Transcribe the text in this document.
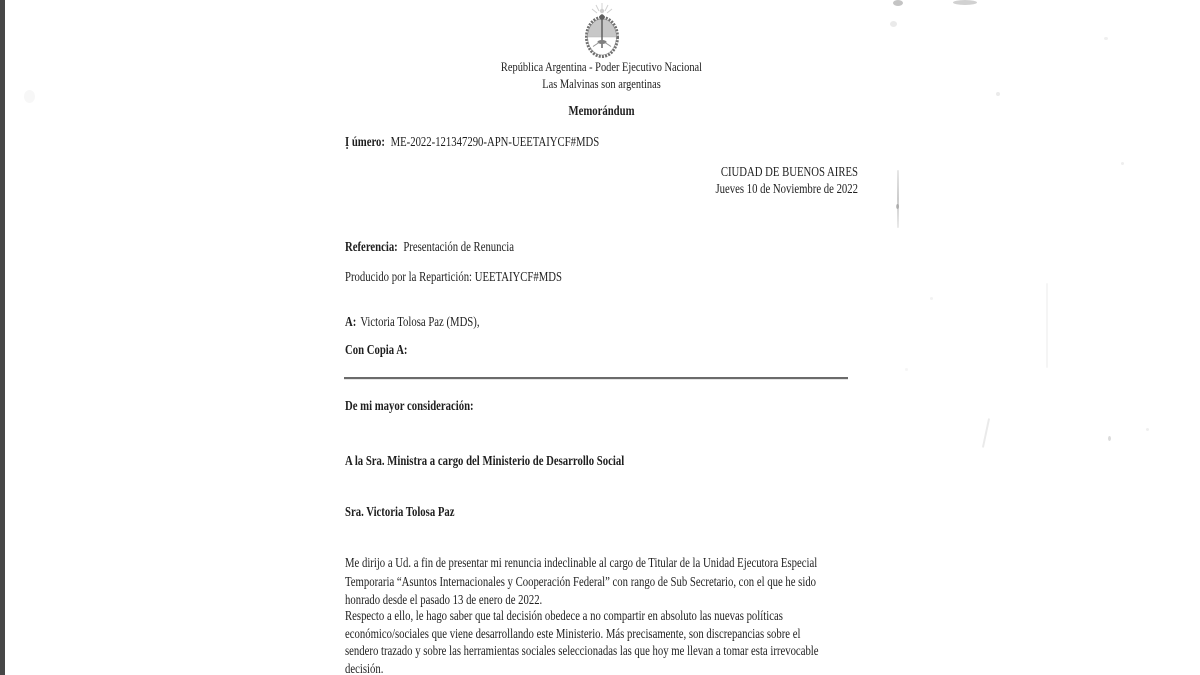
República Argentina - Poder Ejecutivo Nacional
Las Malvinas son argentinas
Memorándum
Ị úmero: ME-2022-121347290-APN-UEETAIYCF#MDS
CIUDAD DE BUENOS AIRES
Jueves 10 de Noviembre de 2022
Referencia: Presentación de Renuncia
Producido por la Repartición: UEETAIYCF#MDS
A: Victoria Tolosa Paz (MDS),
Con Copia A:
De mi mayor consideración:
A la Sra. Ministra a cargo del Ministerio de Desarrollo Social
Sra. Victoria Tolosa Paz
Me dirijo a Ud. a fin de presentar mi renuncia indeclinable al cargo de Titular de la Unidad Ejecutora Especial
Temporaria “Asuntos Internacionales y Cooperación Federal” con rango de Sub Secretario, con el que he sido
honrado desde el pasado 13 de enero de 2022.
Respecto a ello, le hago saber que tal decisión obedece a no compartir en absoluto las nuevas políticas
económico/sociales que viene desarrollando este Ministerio. Más precisamente, son discrepancias sobre el
sendero trazado y sobre las herramientas sociales seleccionadas las que hoy me llevan a tomar esta irrevocable
decisión.
